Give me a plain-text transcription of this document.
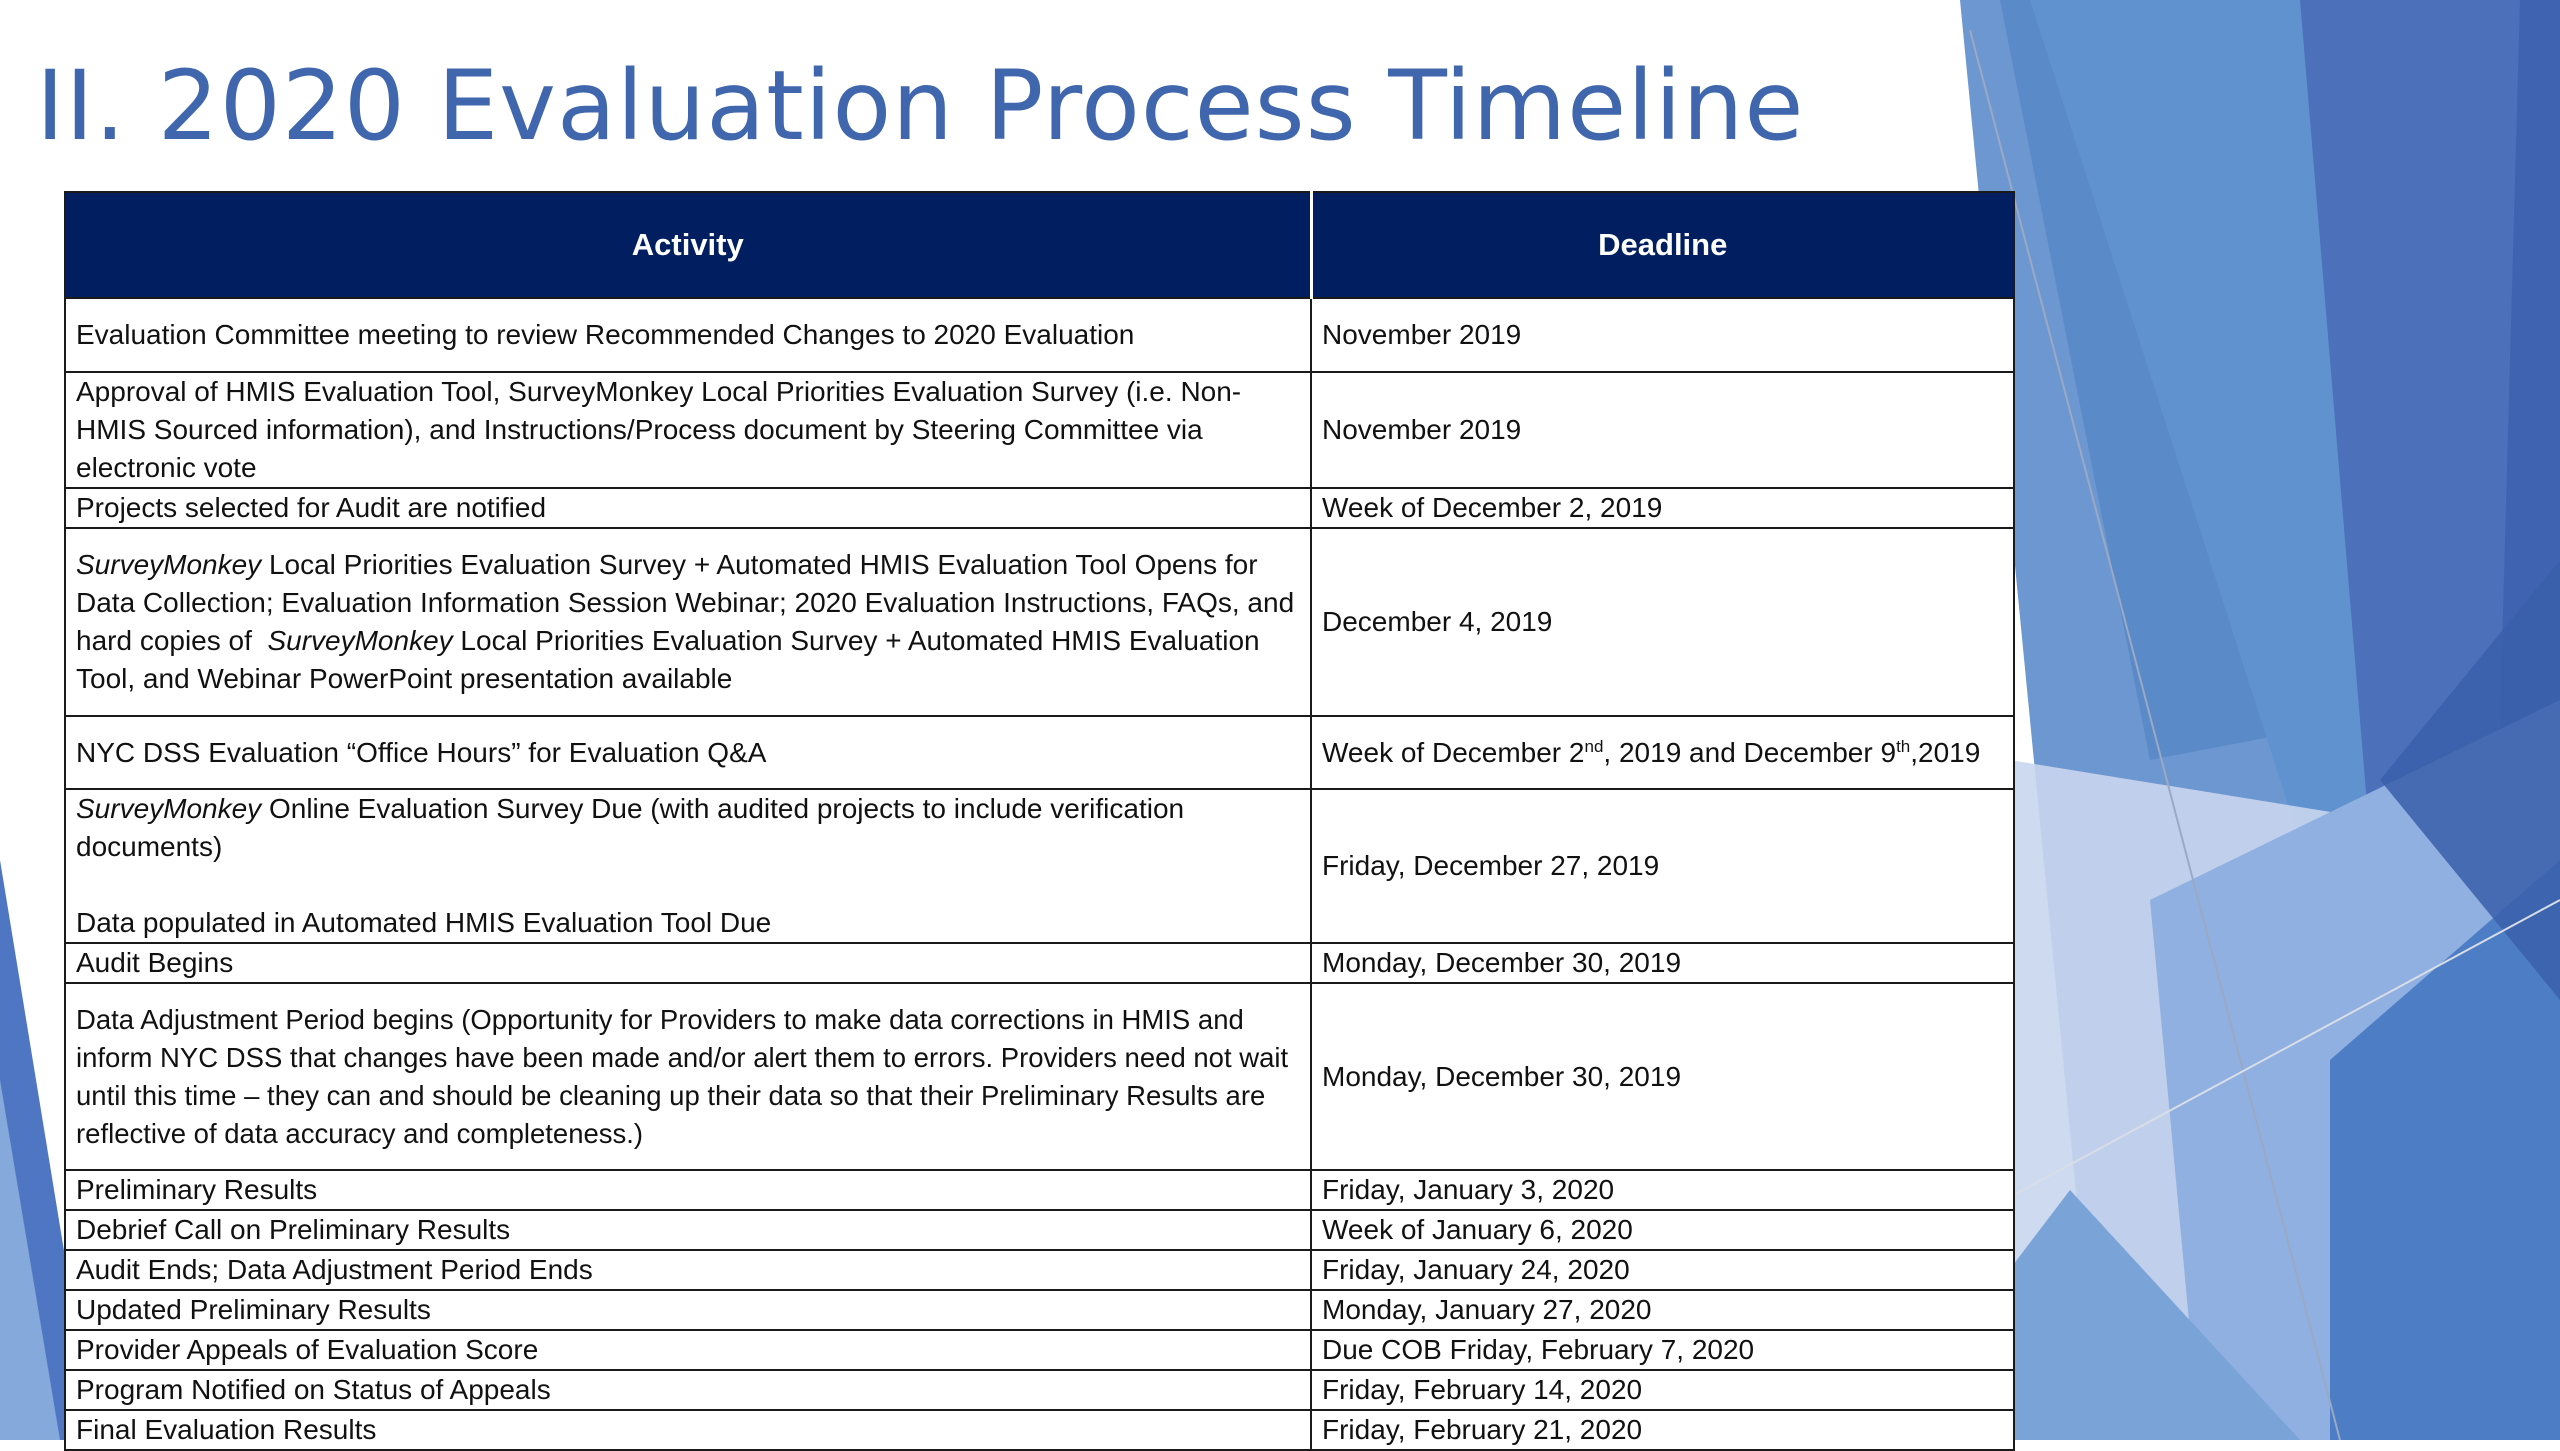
II. 2020 Evaluation Process Timeline
Activity	Deadline
Evaluation Committee meeting to review Recommended Changes to 2020 Evaluation	November 2019
Approval of HMIS Evaluation Tool, SurveyMonkey Local Priorities Evaluation Survey (i.e. Non-HMIS Sourced information), and Instructions/Process document by Steering Committee via electronic vote	November 2019
Projects selected for Audit are notified	Week of December 2, 2019

SurveyMonkey Local Priorities Evaluation Survey + Automated HMIS Evaluation Tool Opens for
Data Collection; Evaluation Information Session Webinar; 2020 Evaluation Instructions, FAQs, and
hard copies of  SurveyMonkey Local Priorities Evaluation Survey + Automated HMIS Evaluation
Tool, and Webinar PowerPoint presentation available	December 4, 2019
NYC DSS Evaluation “Office Hours” for Evaluation Q&A	Week of December 2nd, 2019 and December 9th,2019

SurveyMonkey Online Evaluation Survey Due (with audited projects to include verification
documents)
Data populated in Automated HMIS Evaluation Tool Due	Friday, December 27, 2019
Audit Begins	Monday, December 30, 2019
Data Adjustment Period begins (Opportunity for Providers to make data corrections in HMIS and inform NYC DSS that changes have been made and/or alert them to errors. Providers need not wait until this time – they can and should be cleaning up their data so that their Preliminary Results are reflective of data accuracy and completeness.)	Monday, December 30, 2019
Preliminary Results	Friday, January 3, 2020
Debrief Call on Preliminary Results	Week of January 6, 2020
Audit Ends; Data Adjustment Period Ends	Friday, January 24, 2020
Updated Preliminary Results	Monday, January 27, 2020
Provider Appeals of Evaluation Score	Due COB Friday, February 7, 2020
Program Notified on Status of Appeals	Friday, February 14, 2020
Final Evaluation Results	Friday, February 21, 2020
